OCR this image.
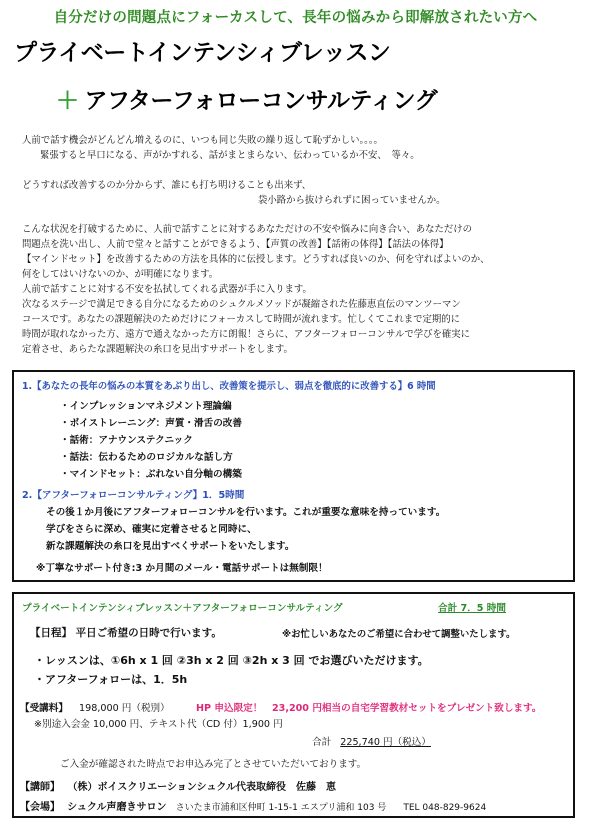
自分だけの問題点にフォーカスして、長年の悩みから即解放されたい方へ
プライベートインテンシィブレッスン
＋ アフターフォローコンサルティング
人前で話す機会がどんどん増えるのに、いつも同じ失敗の繰り返して恥ずかしい。。。。
緊張すると早口になる、声がかすれる、話がまとまらない、伝わっているか不安、　等々。
どうすれば改善するのか分からず、誰にも打ち明けることも出来ず、
袋小路から抜けられずに困っていませんか。
こんな状況を打破するために、人前で話すことに対するあなただけの不安や悩みに向き合い、あなただけの
問題点を洗い出し、人前で堂々と話すことができるよう、【声質の改善】【話術の体得】【話法の体得】
【マインドセット】を改善するための方法を具体的に伝授します。どうすれば良いのか、何を守ればよいのか、
何をしてはいけないのか、が明確になります。
人前で話すことに対する不安を払拭してくれる武器が手に入ります。
次なるステージで満足できる自分になるためのシュクルメソッドが凝縮された佐藤恵直伝のマンツーマン
コースです。あなたの課題解決のためだけにフォーカスして時間が流れます。忙しくてこれまで定期的に
時間が取れなかった方、遠方で通えなかった方に朗報！さらに、アフターフォローコンサルで学びを確実に
定着させ、あらたな課題解決の糸口を見出すサポートをします。
1.【あなたの長年の悩みの本質をあぶり出し、改善策を提示し、弱点を徹底的に改善する】6 時間
・インプレッションマネジメント理論編
・ボイストレーニング：声質・滑舌の改善
・話術：アナウンステクニック
・話法：伝わるためのロジカルな話し方
・マインドセット：ぶれない自分軸の構築
2.【アフターフォローコンサルティング】1．5時間
その後１か月後にアフターフォローコンサルを行います。これが重要な意味を持っています。
学びをさらに深め、確実に定着させると同時に、
新な課題解決の糸口を見出すべくサポートをいたします。
※丁寧なサポート付き:3 か月間のメール・電話サポートは無制限！
プライベートインテンシィブレッスン＋アフターフォローコンサルティング	合計 7．5 時間
【日程】 平日ご希望の日時で行います。	※お忙しいあなたのご希望に合わせて調整いたします。
・レッスンは、①6h x 1 回 ②3h x 2 回 ③2h x 3 回 でお選びいただけます。
・アフターフォローは、1．5h
【受講料】 198,000 円（税別）	HP 申込限定！　23,200 円相当の自宅学習教材セットをプレゼント致します。
※別途入会金 10,000 円、テキスト代（CD 付）1,900 円
合計 225,740 円（税込）
ご入金が確認された時点でお申込み完了とさせていただいております。
【講師】 （株）ボイスクリエーションシュクル代表取締役　佐藤　恵
【会場】 シュクル声磨きサロン さいたま市浦和区仲町 1-15-1 エスプリ浦和 103 号 TEL 048-829-9624
